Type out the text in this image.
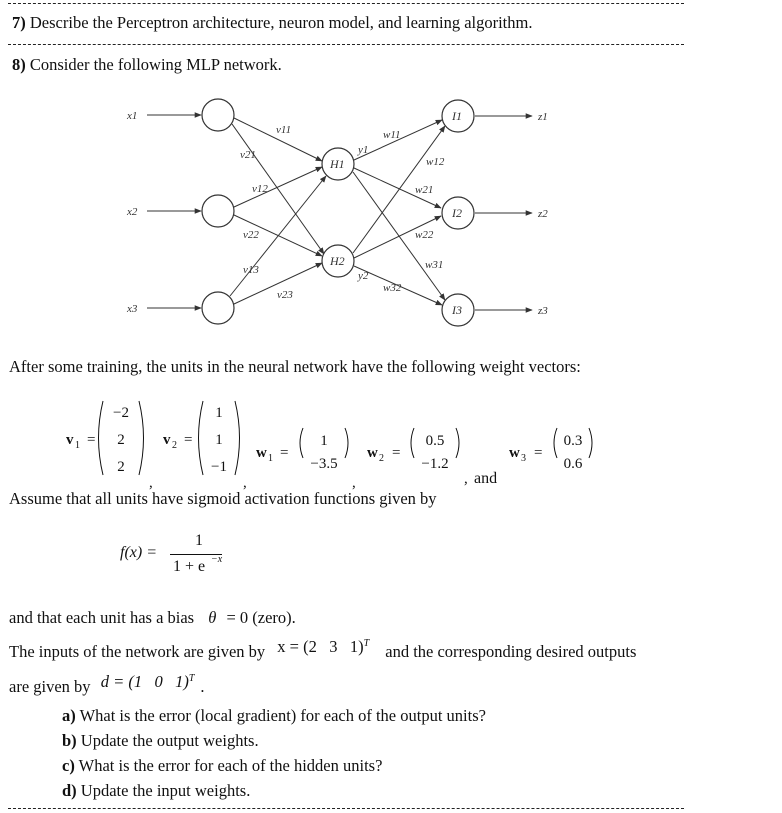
7) Describe the Perceptron architecture, neuron model, and learning algorithm.
8) Consider the following MLP network.
x1
x2
x3
z1
z2
z3
H1
H2
I1
I2
I3
v11
v21
v12
v22
v13
v23
y1
y2
w11
w12
w21
w22
w31
w32
After some training, the units in the neural network have the following weight vectors:
v 1 =
−2
2
2
,
v 2 =
1
1
−1
,
w 1 =
1
−3.5
,
w 2 =
0.5
−1.2
, and
w 3 =
0.3
0.6
Assume that all units have sigmoid activation functions given by
f(x) =
1
1 + e −x
and that each unit has a bias θ = 0 (zero).
The inputs of the network are given by x = (2   3   1)$^T$ and the corresponding desired outputs
are given by d = (1   0   1)$^T$ .
a) What is the error (local gradient) for each of the output units?
b) Update the output weights.
c) What is the error for each of the hidden units?
d) Update the input weights.
